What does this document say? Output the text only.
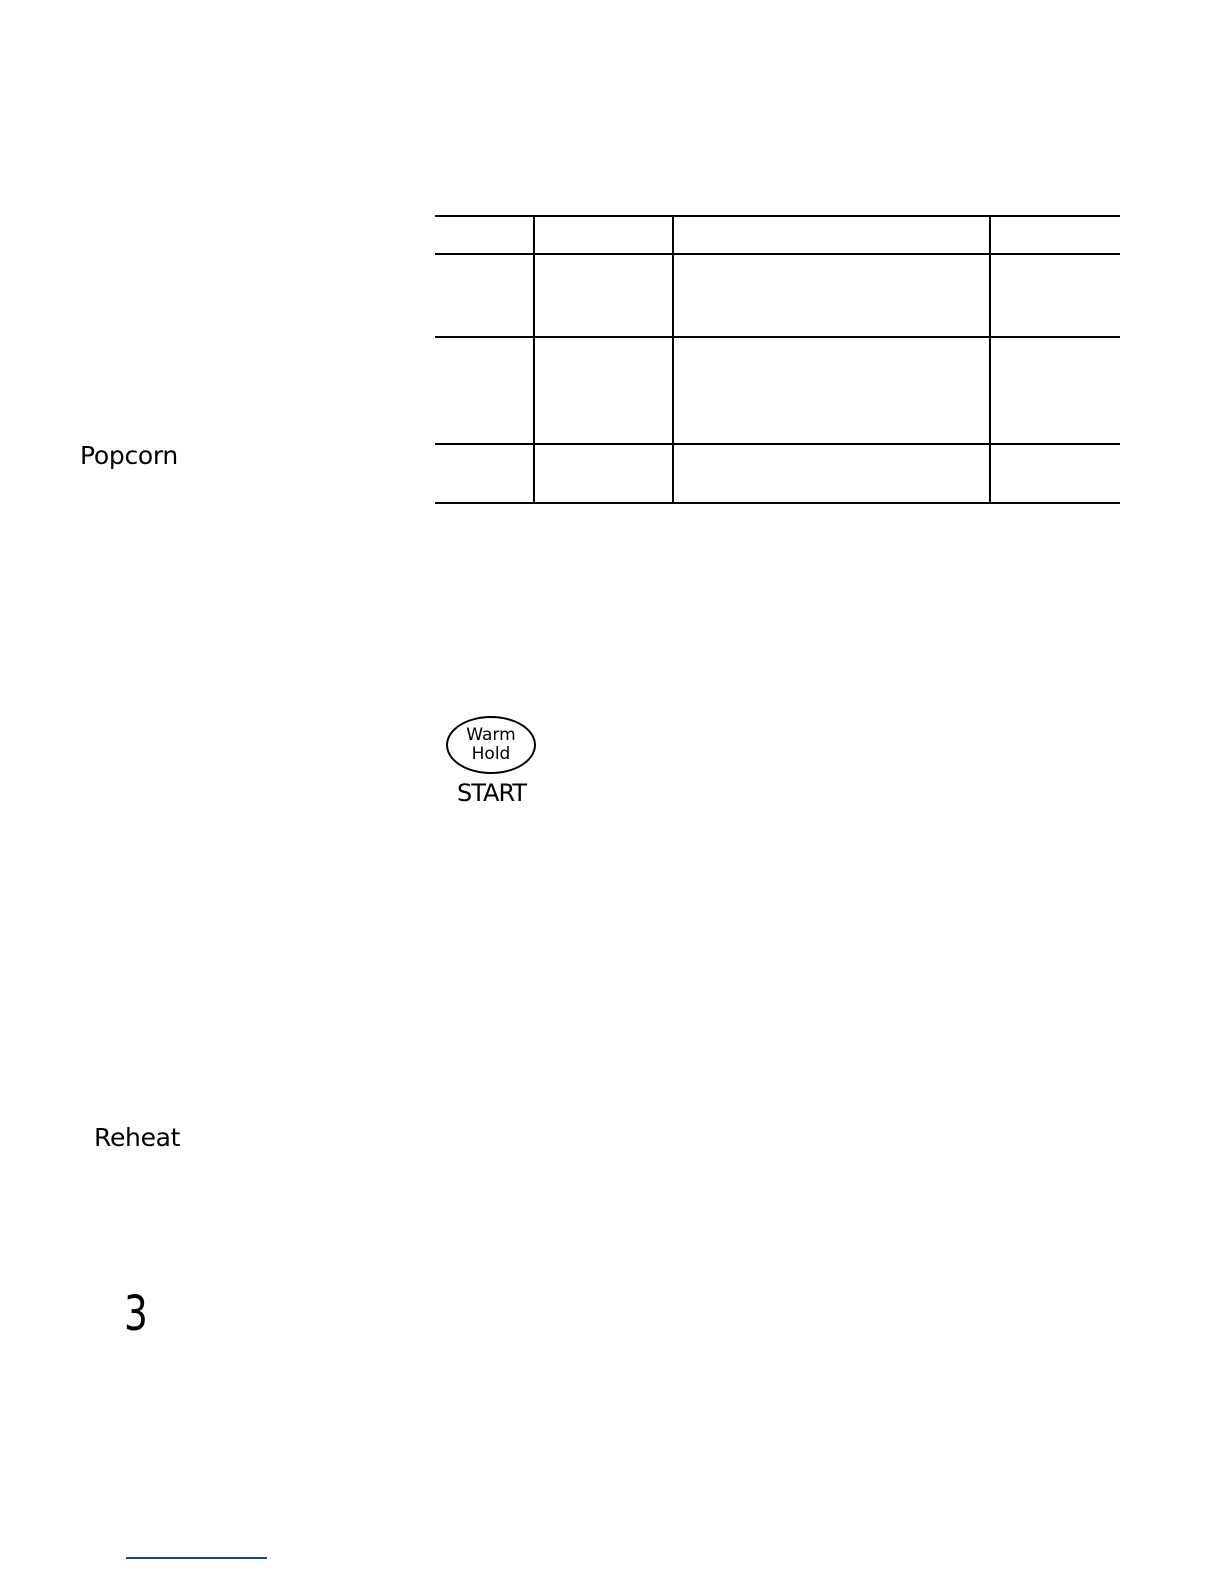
Popcorn
Warm
Hold
START
Reheat
3
